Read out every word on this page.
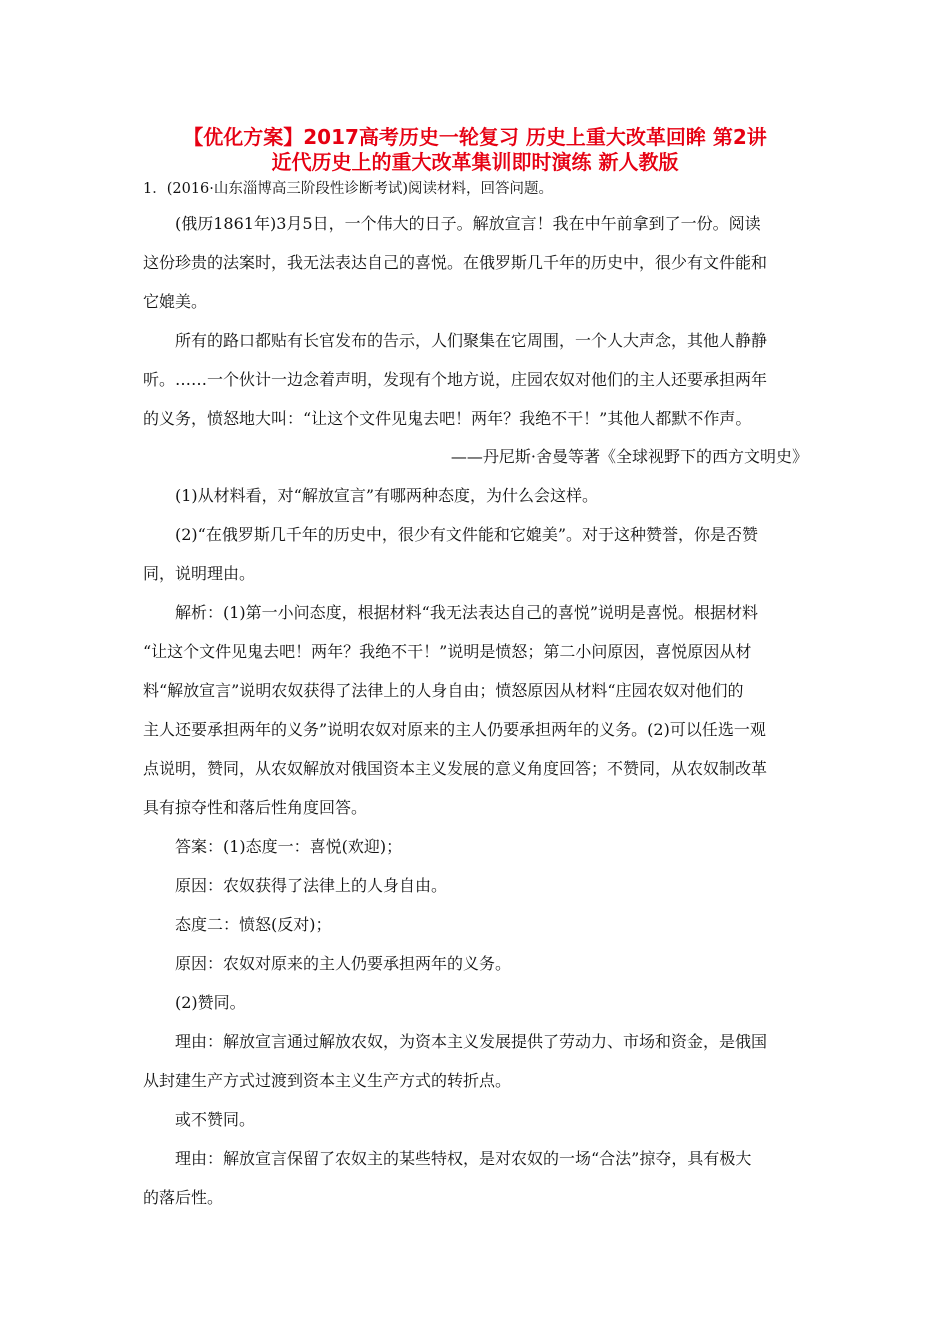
【优化方案】2017高考历史一轮复习 历史上重大改革回眸 第2讲
近代历史上的重大改革集训即时演练 新人教版
1．(2016·山东淄博高三阶段性诊断考试)阅读材料，回答问题。
　　(俄历1861年)3月5日，一个伟大的日子。解放宣言！我在中午前拿到了一份。阅读
这份珍贵的法案时，我无法表达自己的喜悦。在俄罗斯几千年的历史中，很少有文件能和
它媲美。
　　所有的路口都贴有长官发布的告示，人们聚集在它周围，一个人大声念，其他人静静
听。……一个伙计一边念着声明，发现有个地方说，庄园农奴对他们的主人还要承担两年
的义务，愤怒地大叫：“让这个文件见鬼去吧！两年？我绝不干！”其他人都默不作声。
——丹尼斯·舍曼等著《全球视野下的西方文明史》
　　(1)从材料看，对“解放宣言”有哪两种态度，为什么会这样。
　　(2)“在俄罗斯几千年的历史中，很少有文件能和它媲美”。对于这种赞誉，你是否赞
同，说明理由。
　　解析：(1)第一小问态度，根据材料“我无法表达自己的喜悦”说明是喜悦。根据材料
“让这个文件见鬼去吧！两年？我绝不干！”说明是愤怒；第二小问原因，喜悦原因从材
料“解放宣言”说明农奴获得了法律上的人身自由；愤怒原因从材料“庄园农奴对他们的
主人还要承担两年的义务”说明农奴对原来的主人仍要承担两年的义务。(2)可以任选一观
点说明，赞同，从农奴解放对俄国资本主义发展的意义角度回答；不赞同，从农奴制改革
具有掠夺性和落后性角度回答。
　　答案：(1)态度一：喜悦(欢迎)；
　　原因：农奴获得了法律上的人身自由。
　　态度二：愤怒(反对)；
　　原因：农奴对原来的主人仍要承担两年的义务。
　　(2)赞同。
　　理由：解放宣言通过解放农奴，为资本主义发展提供了劳动力、市场和资金，是俄国
从封建生产方式过渡到资本主义生产方式的转折点。
　　或不赞同。
　　理由：解放宣言保留了农奴主的某些特权，是对农奴的一场“合法”掠夺，具有极大
的落后性。
